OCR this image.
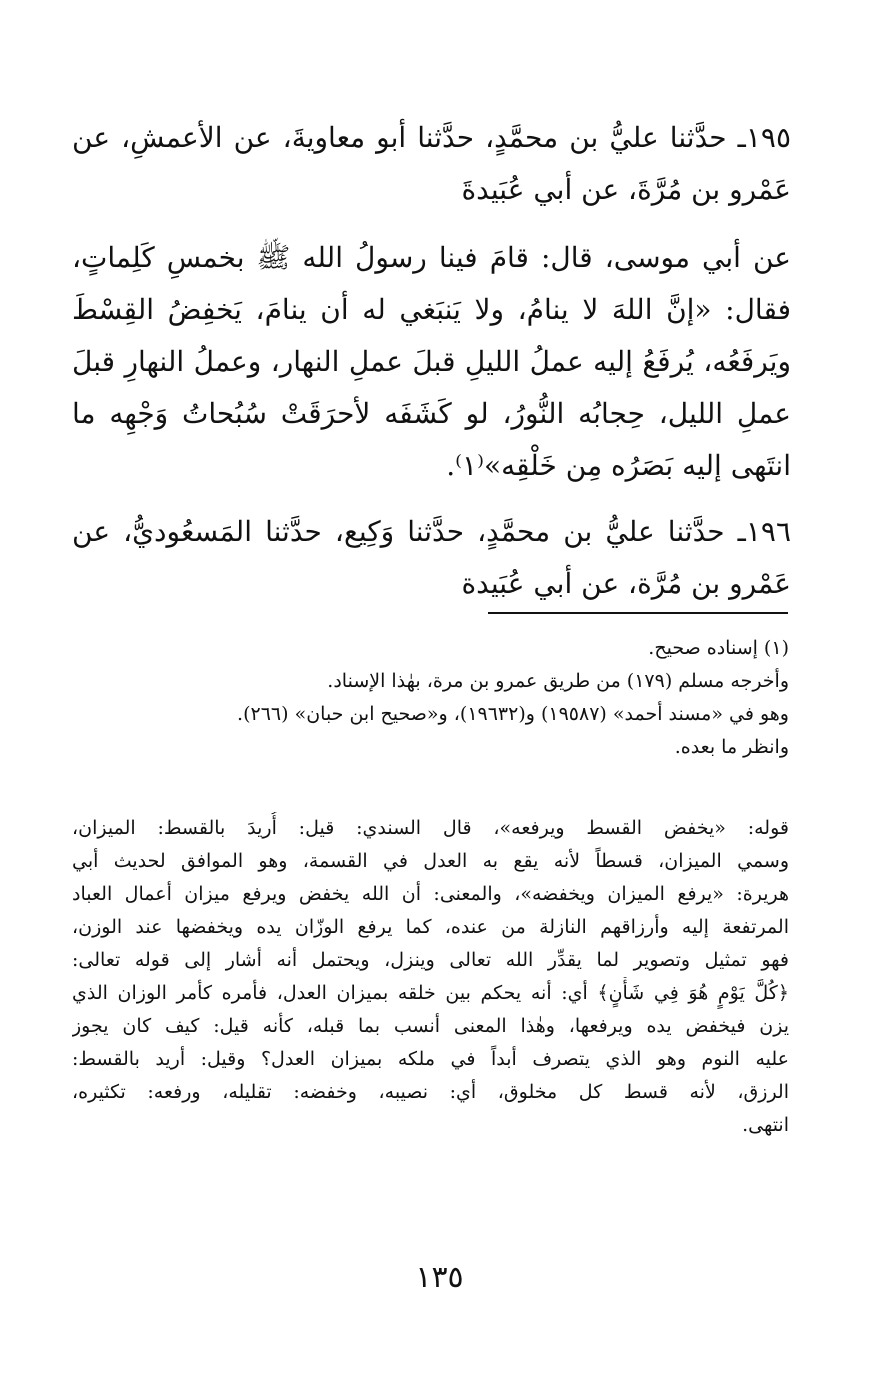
١٩٥ـ حدَّثنا عليُّ بن محمَّدٍ، حدَّثنا أبو معاويةَ، عن الأعمشِ، عن
عَمْرو بن مُرَّةَ، عن أبي عُبَيدةَ
عن أبي موسى، قال: قامَ فينا رسولُ الله ﷺ بخمسِ كَلِماتٍ،
فقال: «إنَّ اللهَ لا ينامُ، ولا يَنبَغي له أن ينامَ، يَخفِضُ القِسْطَ
ويَرفَعُه، يُرفَعُ إليه عملُ الليلِ قبلَ عملِ النهار، وعملُ النهارِ قبلَ
عملِ الليل، حِجابُه النُّورُ، لو كَشَفَه لأحرَقَتْ سُبُحاتُ وَجْهِه ما
انتَهى إليه بَصَرُه مِن خَلْقِه»⁽١⁾.
١٩٦ـ حدَّثنا عليُّ بن محمَّدٍ، حدَّثنا وَكِيع، حدَّثنا المَسعُوديُّ، عن
عَمْرو بن مُرَّة، عن أبي عُبَيدة
(١) إسناده صحيح.
وأخرجه مسلم (١٧٩) من طريق عمرو بن مرة، بهٰذا الإسناد.
وهو في «مسند أحمد» (١٩٥٨٧) و(١٩٦٣٢)، و«صحيح ابن حبان» (٢٦٦).
وانظر ما بعده.
قوله: «يخفض القسط ويرفعه»، قال السندي: قيل: أُريدَ بالقسط: الميزان،
وسمي الميزان، قسطاً لأنه يقع به العدل في القسمة، وهو الموافق لحديث أبي
هريرة: «يرفع الميزان ويخفضه»، والمعنى: أن الله يخفض ويرفع ميزان أعمال العباد
المرتفعة إليه وأرزاقهم النازلة من عنده، كما يرفع الوزّان يده ويخفضها عند الوزن،
فهو تمثيل وتصوير لما يقدِّر الله تعالى وينزل، ويحتمل أنه أشار إلى قوله تعالى:
﴿كُلَّ يَوْمٍ هُوَ فِي شَأْنٍ﴾ أي: أنه يحكم بين خلقه بميزان العدل، فأمره كأمر الوزان الذي
يزن فيخفض يده ويرفعها، وهٰذا المعنى أنسب بما قبله، كأنه قيل: كيف كان يجوز
عليه النوم وهو الذي يتصرف أبداً في ملكه بميزان العدل؟ وقيل: أريد بالقسط:
الرزق، لأنه قسط كل مخلوق، أي: نصيبه، وخفضه: تقليله، ورفعه: تكثيره،
انتهى.
١٣٥
